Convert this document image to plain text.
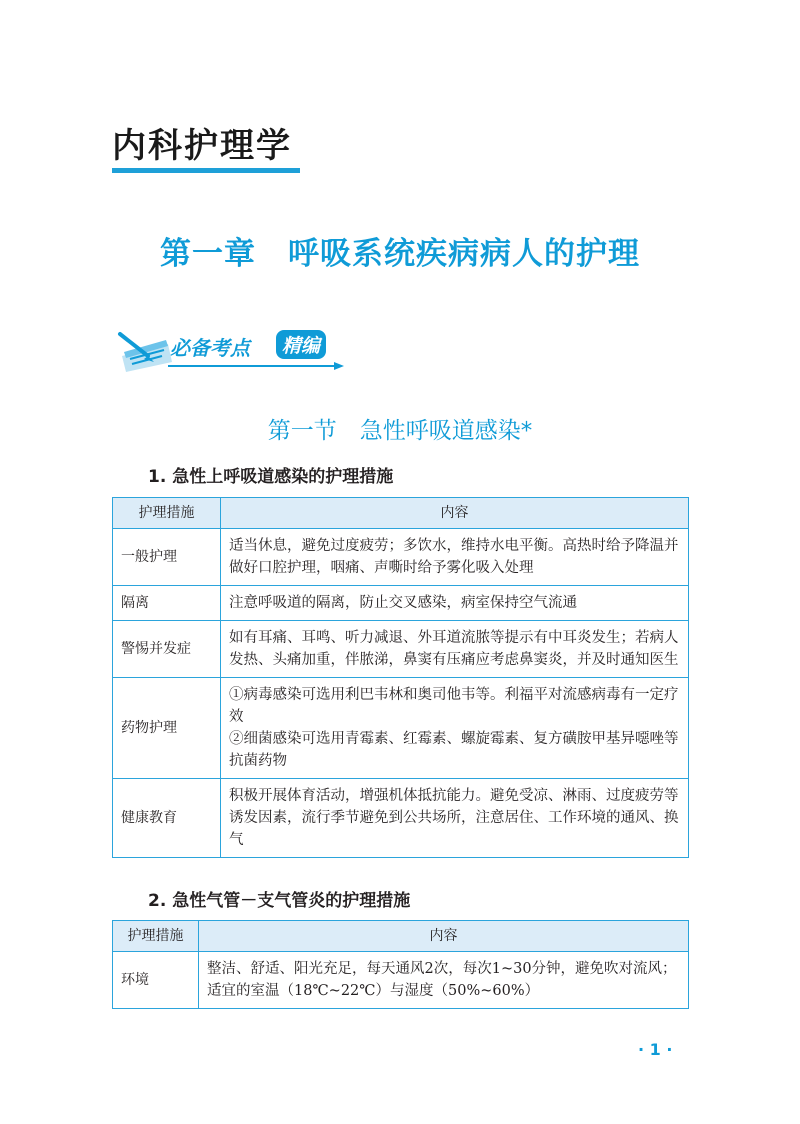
内科护理学
第一章　呼吸系统疾病病人的护理
必备考点	精编
第一节　急性呼吸道感染*
1. 急性上呼吸道感染的护理措施
护理措施	内容
一般护理	适当休息，避免过度疲劳；多饮水，维持水电平衡。高热时给予降温并做好口腔护理，咽痛、声嘶时给予雾化吸入处理
隔离	注意呼吸道的隔离，防止交叉感染，病室保持空气流通
警惕并发症	如有耳痛、耳鸣、听力减退、外耳道流脓等提示有中耳炎发生；若病人发热、头痛加重，伴脓涕，鼻窦有压痛应考虑鼻窦炎，并及时通知医生
药物护理	①病毒感染可选用利巴韦林和奥司他韦等。利福平对流感病毒有一定疗效
②细菌感染可选用青霉素、红霉素、螺旋霉素、复方磺胺甲基异噁唑等抗菌药物

健康教育	积极开展体育活动，增强机体抵抗能力。避免受凉、淋雨、过度疲劳等诱发因素，流行季节避免到公共场所，注意居住、工作环境的通风、换气
2. 急性气管－支气管炎的护理措施
护理措施	内容
环境	整洁、舒适、阳光充足，每天通风2次，每次1~30分钟，避免吹对流风；适宜的室温（18℃~22℃）与湿度（50%~60%）
· 1 ·
